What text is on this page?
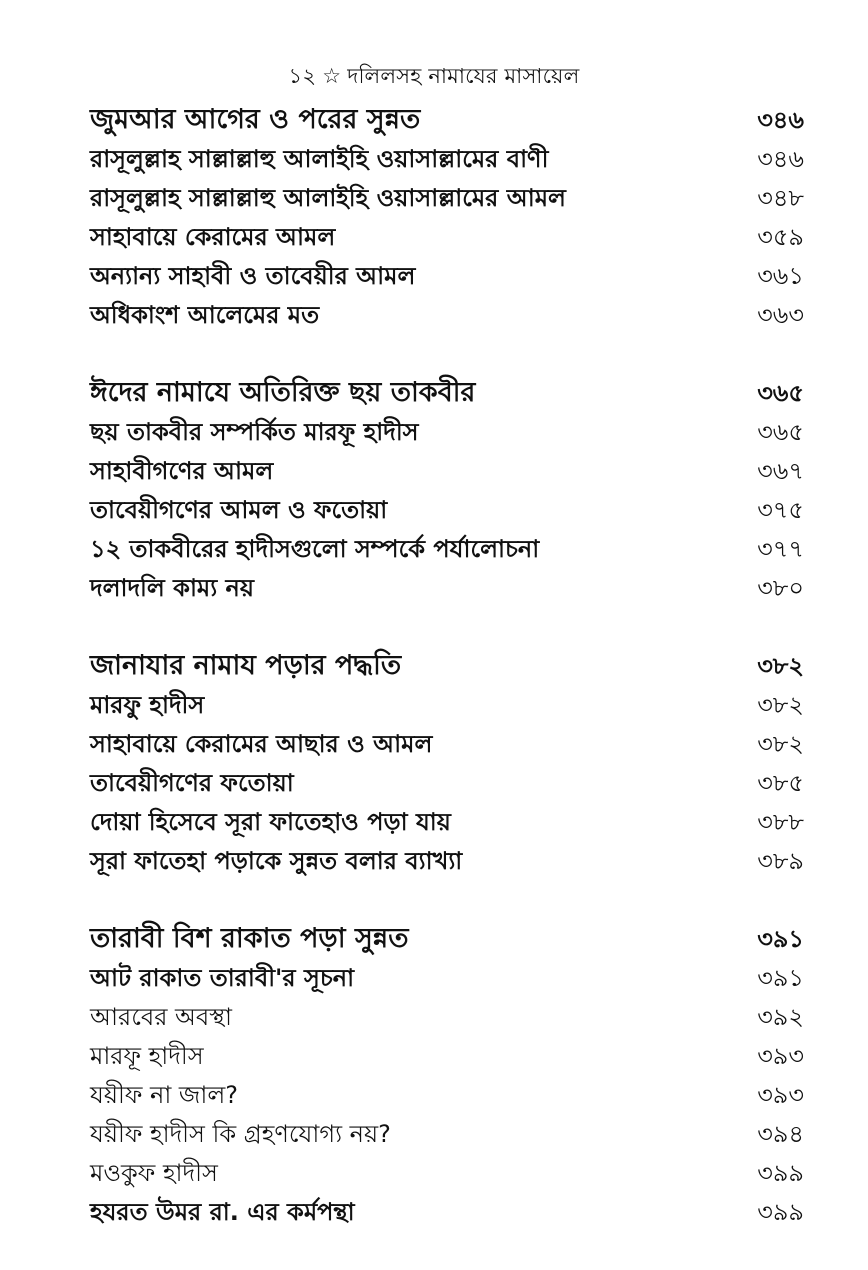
১২ ☆ দলিলসহ নামাযের মাসায়েল
জুমআর আগের ও পরের সুন্নত	৩৪৬
রাসূলুল্লাহ সাল্লাল্লাহু আলাইহি ওয়াসাল্লামের বাণী	৩৪৬
রাসূলুল্লাহ সাল্লাল্লাহু আলাইহি ওয়াসাল্লামের আমল	৩৪৮
সাহাবায়ে কেরামের আমল	৩৫৯
অন্যান্য সাহাবী ও তাবেয়ীর আমল	৩৬১
অধিকাংশ আলেমের মত	৩৬৩
ঈদের নামাযে অতিরিক্ত ছয় তাকবীর	৩৬৫
ছয় তাকবীর সম্পর্কিত মারফূ হাদীস	৩৬৫
সাহাবীগণের আমল	৩৬৭
তাবেয়ীগণের আমল ও ফতোয়া	৩৭৫
১২ তাকবীরের হাদীসগুলো সম্পর্কে পর্যালোচনা	৩৭৭
দলাদলি কাম্য নয়	৩৮০
জানাযার নামায পড়ার পদ্ধতি	৩৮২
মারফু হাদীস	৩৮২
সাহাবায়ে কেরামের আছার ও আমল	৩৮২
তাবেয়ীগণের ফতোয়া	৩৮৫
দোয়া হিসেবে সূরা ফাতেহাও পড়া যায়	৩৮৮
সূরা ফাতেহা পড়াকে সুন্নত বলার ব্যাখ্যা	৩৮৯
তারাবী বিশ রাকাত পড়া সুন্নত	৩৯১
আট রাকাত তারাবী'র সূচনা	৩৯১
আরবের অবস্থা	৩৯২
মারফূ হাদীস	৩৯৩
যয়ীফ না জাল?	৩৯৩
যয়ীফ হাদীস কি গ্রহণযোগ্য নয়?	৩৯৪
মওকুফ হাদীস	৩৯৯
হযরত উমর রা. এর কর্মপন্থা	৩৯৯
